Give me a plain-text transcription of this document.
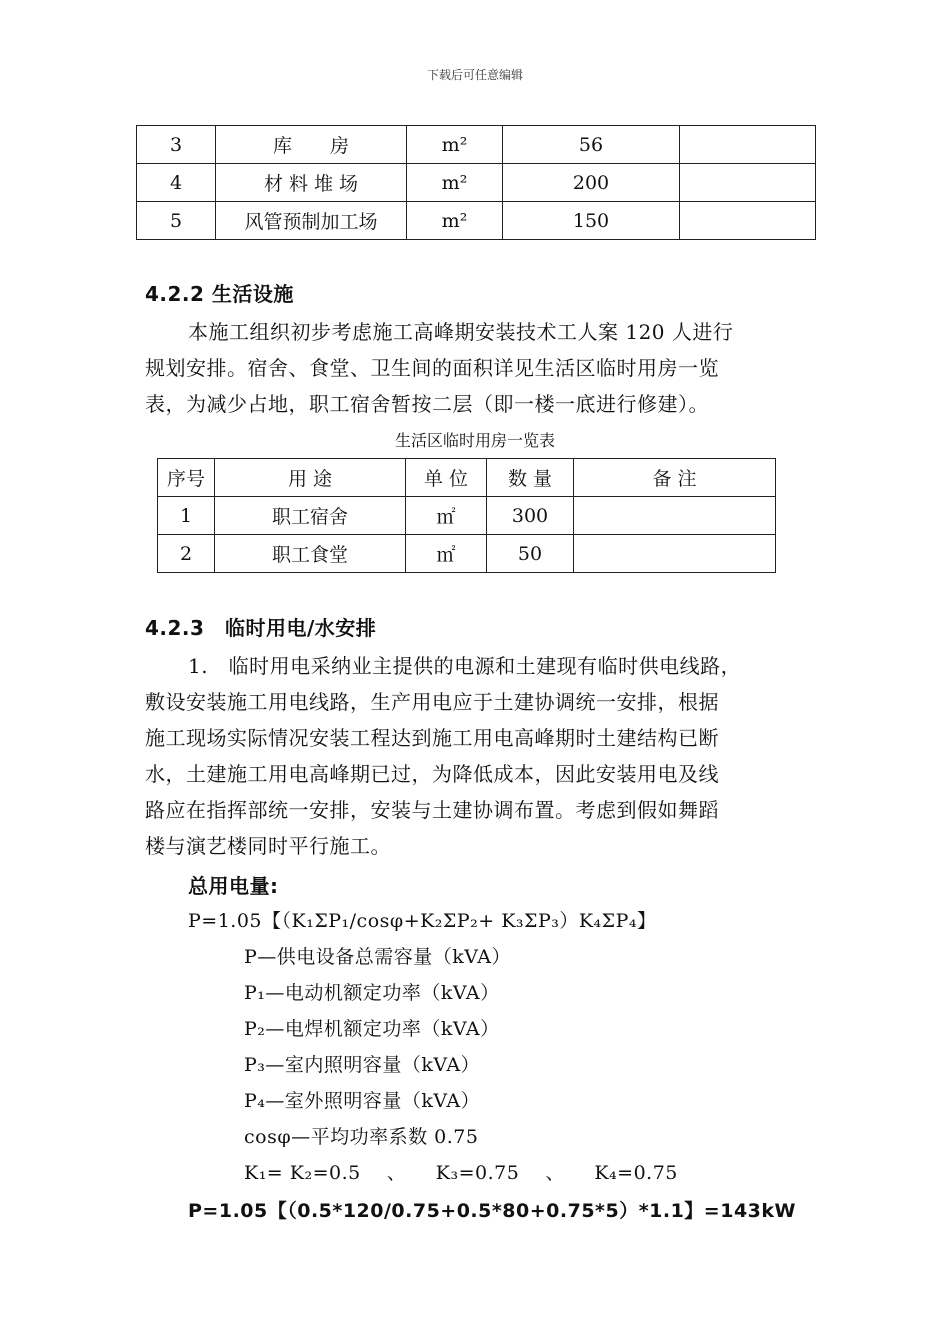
下载后可任意编辑
3	库　　房	m²	56	
4	材 料 堆 场	m²	200	
5	风管预制加工场	m²	150	
4.2.2 生活设施
本施工组织初步考虑施工高峰期安装技术工人案 120 人进行
规划安排。宿舍、食堂、卫生间的面积详见生活区临时用房一览
表，为减少占地，职工宿舍暂按二层（即一楼一底进行修建）。
生活区临时用房一览表
序号	用 途	单 位	数 量	备 注
1	职工宿舍	㎡	300	
2	职工食堂	㎡	50	
4.2.3　临时用电/水安排
1.　临时用电采纳业主提供的电源和土建现有临时供电线路，
敷设安装施工用电线路，生产用电应于土建协调统一安排，根据
施工现场实际情况安装工程达到施工用电高峰期时土建结构已断
水，土建施工用电高峰期已过，为降低成本，因此安装用电及线
路应在指挥部统一安排，安装与土建协调布置。考虑到假如舞蹈
楼与演艺楼同时平行施工。
总用电量:
P=1.05【（K₁ΣP₁/cosφ+K₂ΣP₂+ K₃ΣP₃）K₄ΣP₄】
P—供电设备总需容量（kVA）
P₁—电动机额定功率（kVA）
P₂—电焊机额定功率（kVA）
P₃—室内照明容量（kVA）
P₄—室外照明容量（kVA）
cosφ—平均功率系数 0.75
K₁= K₂=0.5　 、　　K₃=0.75　 、　　K₄=0.75
P=1.05【（0.5*120/0.75+0.5*80+0.75*5）*1.1】=143kW
